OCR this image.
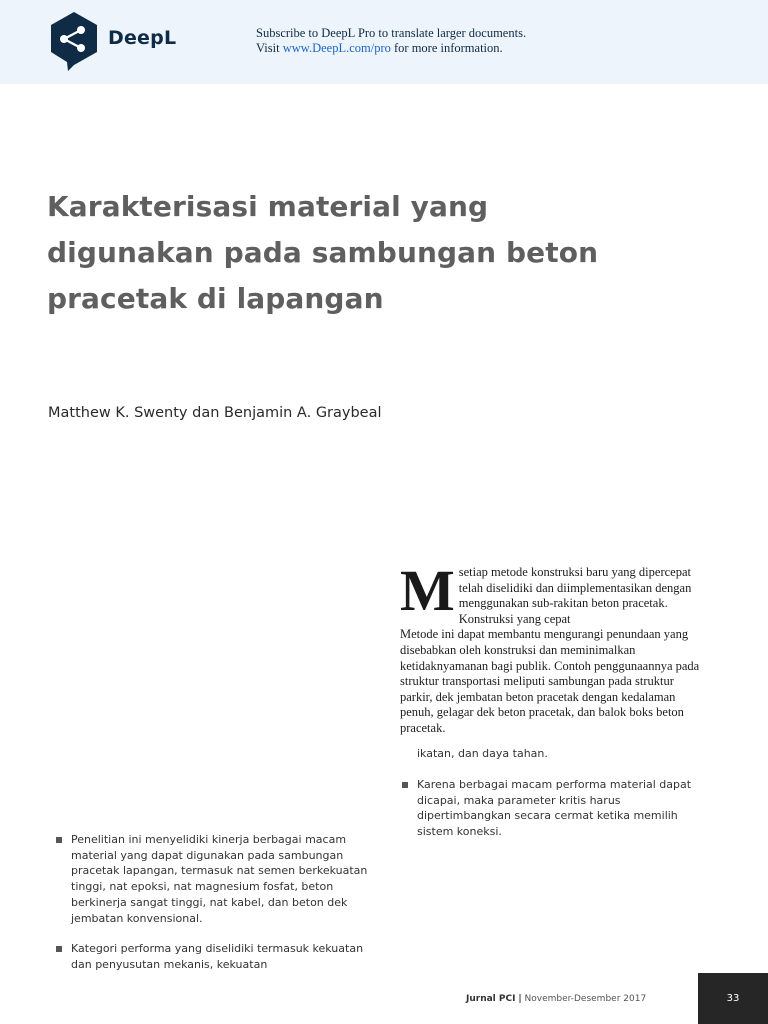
DeepL	Subscribe to DeepL Pro to translate larger documents.
Visit www.DeepL.com/pro for more information.
Karakterisasi material yang
digunakan pada sambungan beton
pracetak di lapangan
Matthew K. Swenty dan Benjamin A. Graybeal
M setiap metode konstruksi baru yang dipercepat telah diselidiki dan diimplementasikan dengan menggunakan sub-rakitan beton pracetak. Konstruksi yang cepat
Metode ini dapat membantu mengurangi penundaan yang disebabkan oleh konstruksi dan meminimalkan ketidaknyamanan bagi publik. Contoh penggunaannya pada struktur transportasi meliputi sambungan pada struktur parkir, dek jembatan beton pracetak dengan kedalaman penuh, gelagar dek beton pracetak, dan balok boks beton pracetak.
ikatan, dan daya tahan.
Karena berbagai macam performa material dapat dicapai, maka parameter kritis harus dipertimbangkan secara cermat ketika memilih sistem koneksi.
Penelitian ini menyelidiki kinerja berbagai macam material yang dapat digunakan pada sambungan pracetak lapangan, termasuk nat semen berkekuatan tinggi, nat epoksi, nat magnesium fosfat, beton berkinerja sangat tinggi, nat kabel, dan beton dek jembatan konvensional.
Kategori performa yang diselidiki termasuk kekuatan dan penyusutan mekanis, kekuatan
Jurnal PCI | November-Desember 2017	33
